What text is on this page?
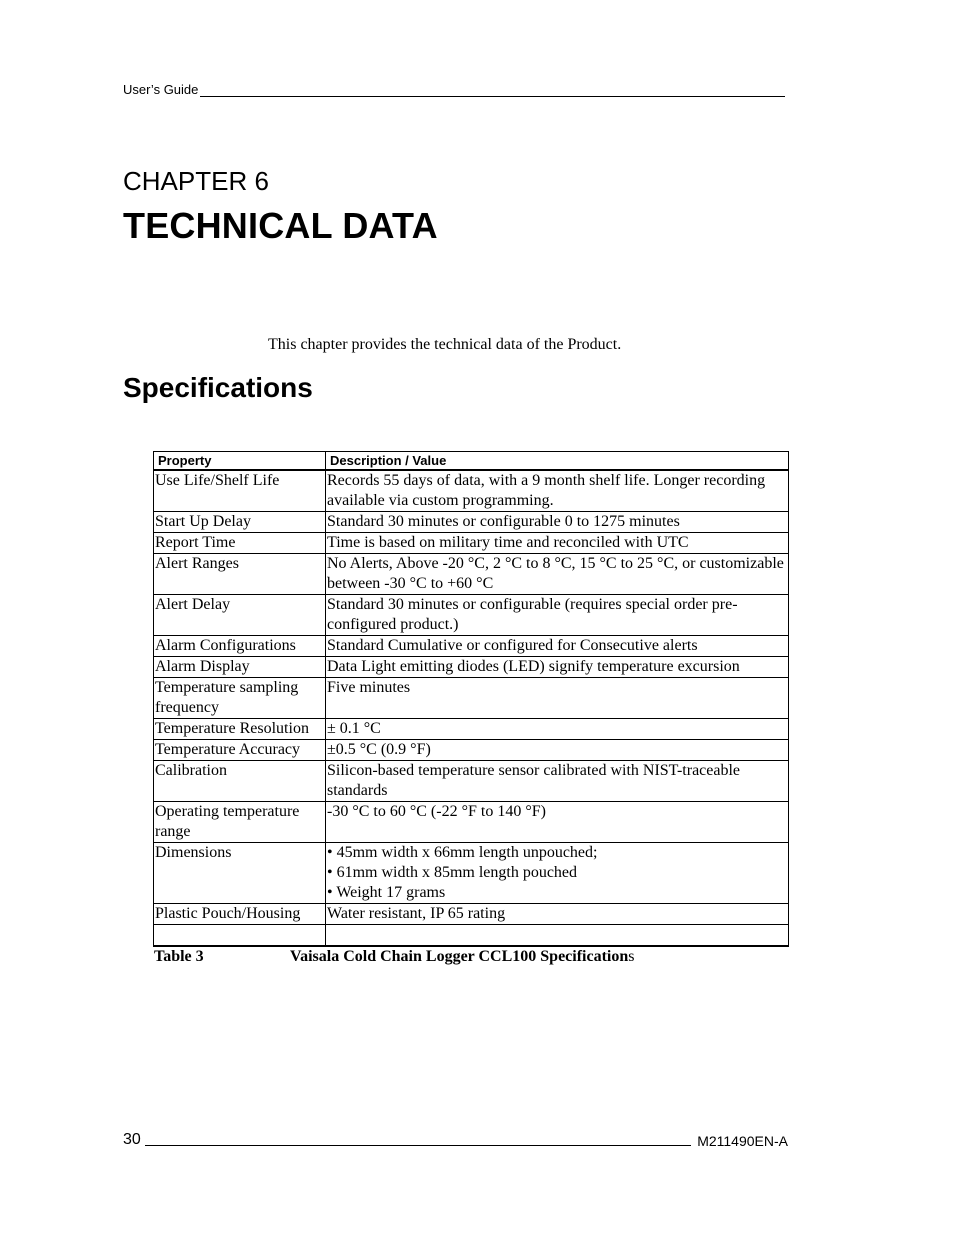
User’s Guide
CHAPTER 6
TECHNICAL DATA
This chapter provides the technical data of the Product.
Specifications
Property	Description / Value
Use Life/Shelf Life	Records 55 days of data, with a 9 month shelf life. Longer recording available via custom programming.
Start Up Delay	Standard 30 minutes or configurable 0 to 1275 minutes
Report Time	Time is based on military time and reconciled with UTC
Alert Ranges	No Alerts, Above -20 °C, 2 °C to 8 °C, 15 °C to 25 °C, or customizable between -30 °C to +60 °C
Alert Delay	Standard 30 minutes or configurable (requires special order pre-configured product.)
Alarm Configurations	Standard Cumulative or configured for Consecutive alerts
Alarm Display	Data Light emitting diodes (LED) signify temperature excursion
Temperature sampling frequency	Five minutes
Temperature Resolution	± 0.1 °C
Temperature Accuracy	±0.5 °C (0.9 °F)
Calibration	Silicon-based temperature sensor calibrated with NIST-traceable standards
Operating temperature range	-30 °C to 60 °C (-22 °F to 140 °F)
Dimensions	• 45mm width x 66mm length unpouched;
• 61mm width x 85mm length pouched
• Weight 17 grams

Plastic Pouch/Housing	Water resistant, IP 65 rating

Table 3	Vaisala Cold Chain Logger CCL100 Specifications
30	M211490EN-A
